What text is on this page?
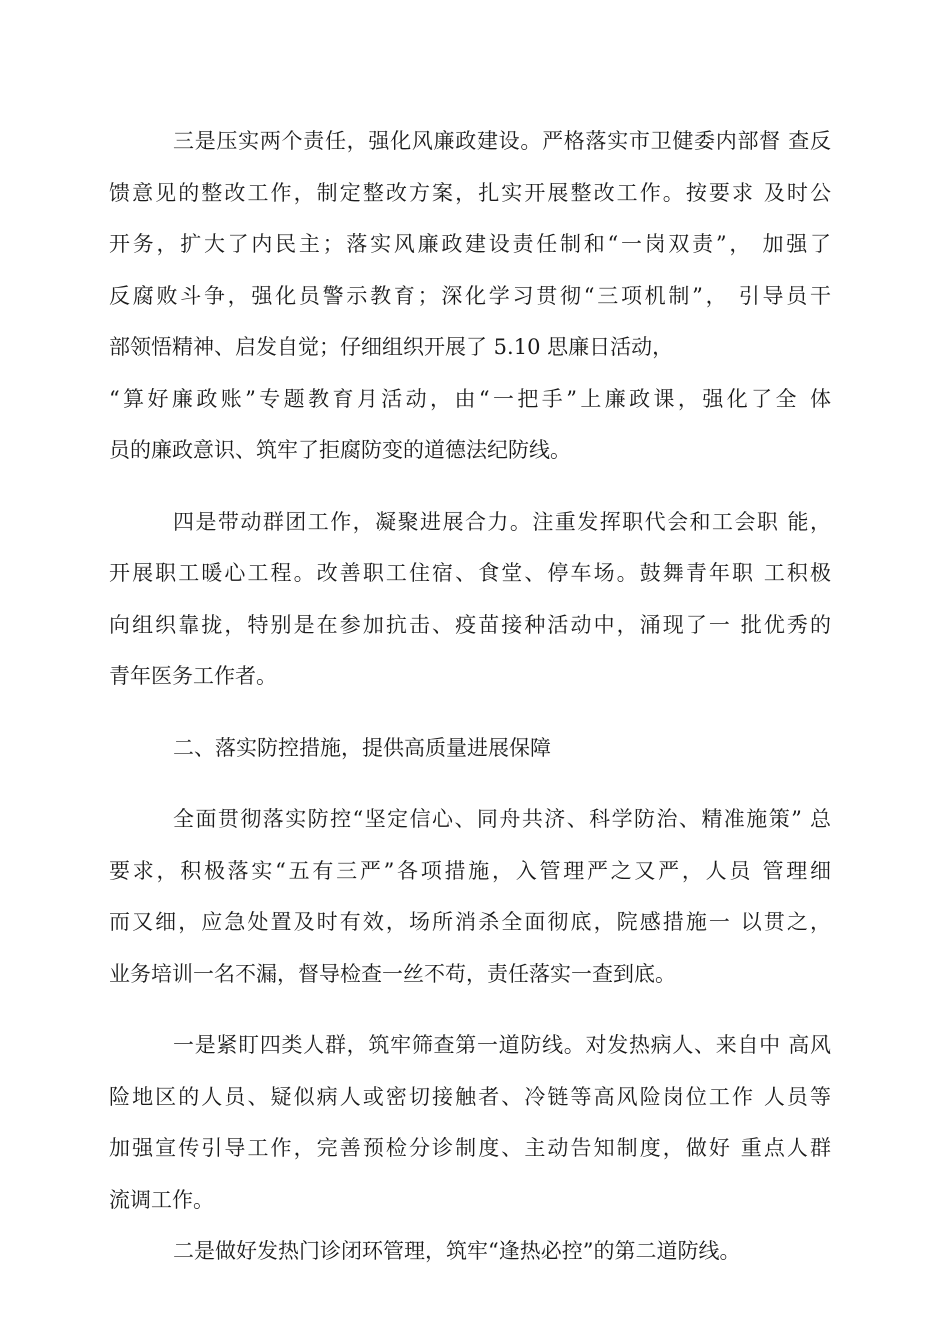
三是压实两个责任，强化风廉政建设。严格落实市卫健委内部督 查反
馈意见的整改工作，制定整改方案，扎实开展整改工作。按要求 及时公
开务，扩大了内民主；落实风廉政建设责任制和“一岗双责”， 加强了
反腐败斗争，强化员警示教育；深化学习贯彻“三项机制”， 引导员干
部领悟精神、启发自觉；仔细组织开展了 5.10 思廉日活动，
“算好廉政账”专题教育月活动，由“一把手”上廉政课，强化了全 体
员的廉政意识、筑牢了拒腐防变的道德法纪防线。
四是带动群团工作，凝聚进展合力。注重发挥职代会和工会职 能，
开展职工暖心工程。改善职工住宿、食堂、停车场。鼓舞青年职 工积极
向组织靠拢，特别是在参加抗击、疫苗接种活动中，涌现了一 批优秀的
青年医务工作者。
二、落实防控措施，提供高质量进展保障
全面贯彻落实防控“坚定信心、同舟共济、科学防治、精准施策” 总
要求，积极落实“五有三严”各项措施，入管理严之又严，人员 管理细
而又细，应急处置及时有效，场所消杀全面彻底，院感措施一 以贯之，
业务培训一名不漏，督导检查一丝不苟，责任落实一查到底。
一是紧盯四类人群，筑牢筛查第一道防线。对发热病人、来自中 高风
险地区的人员、疑似病人或密切接触者、冷链等高风险岗位工作 人员等
加强宣传引导工作，完善预检分诊制度、主动告知制度，做好 重点人群
流调工作。
二是做好发热门诊闭环管理，筑牢“逢热必控”的第二道防线。
